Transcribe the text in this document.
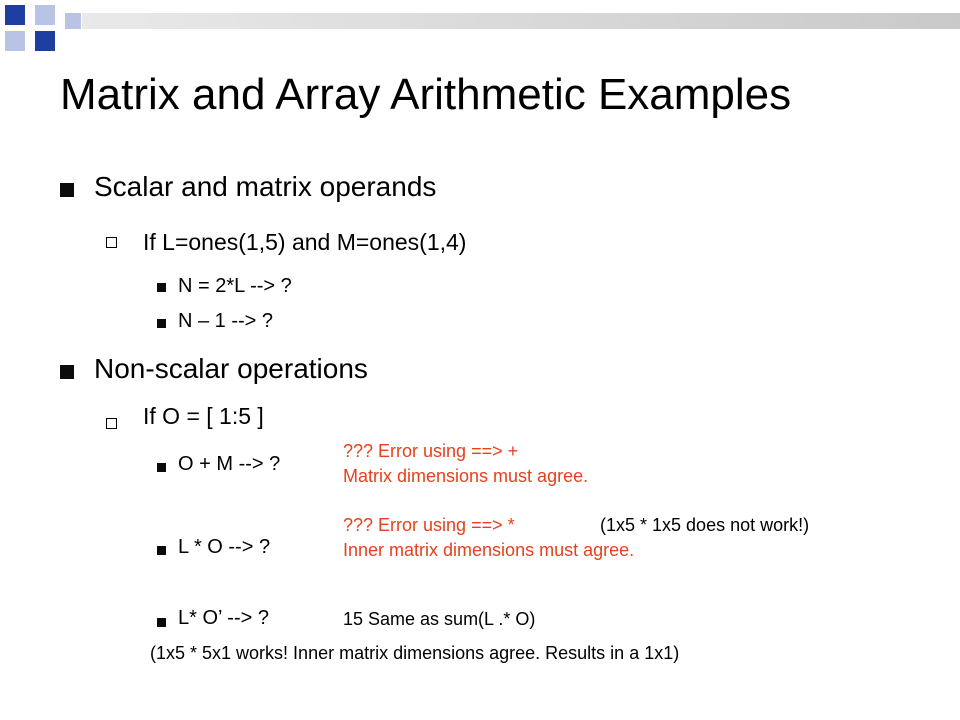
Matrix and Array Arithmetic Examples
Scalar and matrix operands
If L=ones(1,5) and M=ones(1,4)
N = 2*L --> ?
N – 1 --> ?
Non-scalar operations
If O = [ 1:5 ]
O + M --> ?
L * O --> ?
L* O’ --> ?
??? Error using ==> +
Matrix dimensions must agree.
??? Error using ==> *	(1x5 * 1x5 does not work!)
Inner matrix dimensions must agree.
15 Same as sum(L .* O)
(1x5 * 5x1 works! Inner matrix dimensions agree. Results in a 1x1)
